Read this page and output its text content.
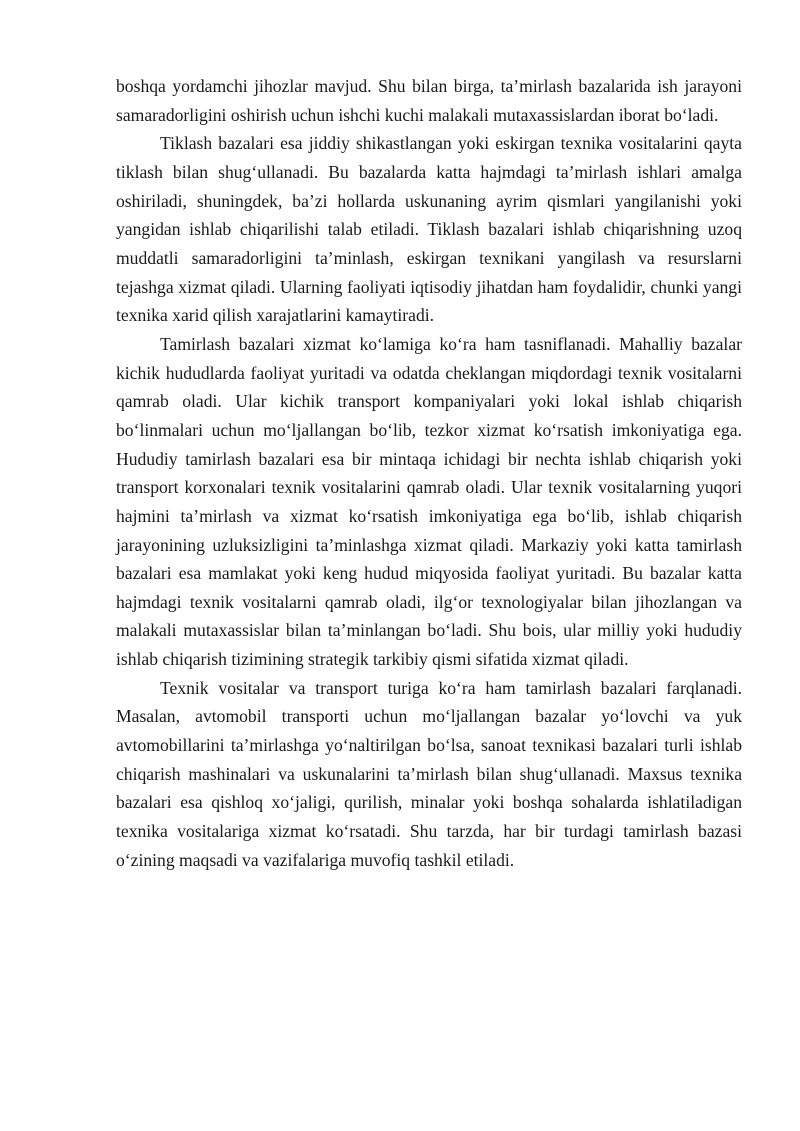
boshqa yordamchi jihozlar mavjud. Shu bilan birga, ta’mirlash bazalarida ish jarayoni samaradorligini oshirish uchun ishchi kuchi malakali mutaxassislardan iborat bo‘ladi.

Tiklash bazalari esa jiddiy shikastlangan yoki eskirgan texnika vositalarini qayta tiklash bilan shug‘ullanadi. Bu bazalarda katta hajmdagi ta’mirlash ishlari amalga oshiriladi, shuningdek, ba’zi hollarda uskunaning ayrim qismlari yangilanishi yoki yangidan ishlab chiqarilishi talab etiladi. Tiklash bazalari ishlab chiqarishning uzoq muddatli samaradorligini ta’minlash, eskirgan texnikani yangilash va resurslarni tejashga xizmat qiladi. Ularning faoliyati iqtisodiy jihatdan ham foydalidir, chunki yangi texnika xarid qilish xarajatlarini kamaytiradi.

Tamirlash bazalari xizmat ko‘lamiga ko‘ra ham tasniflanadi. Mahalliy bazalar kichik hududlarda faoliyat yuritadi va odatda cheklangan miqdordagi texnik vositalarni qamrab oladi. Ular kichik transport kompaniyalari yoki lokal ishlab chiqarish bo‘linmalari uchun mo‘ljallangan bo‘lib, tezkor xizmat ko‘rsatish imkoniyatiga ega. Hududiy tamirlash bazalari esa bir mintaqa ichidagi bir nechta ishlab chiqarish yoki transport korxonalari texnik vositalarini qamrab oladi. Ular texnik vositalarning yuqori hajmini ta’mirlash va xizmat ko‘rsatish imkoniyatiga ega bo‘lib, ishlab chiqarish jarayonining uzluksizligini ta’minlashga xizmat qiladi. Markaziy yoki katta tamirlash bazalari esa mamlakat yoki keng hudud miqyosida faoliyat yuritadi. Bu bazalar katta hajmdagi texnik vositalarni qamrab oladi, ilg‘or texnologiyalar bilan jihozlangan va malakali mutaxassislar bilan ta’minlangan bo‘ladi. Shu bois, ular milliy yoki hududiy ishlab chiqarish tizimining strategik tarkibiy qismi sifatida xizmat qiladi.

Texnik vositalar va transport turiga ko‘ra ham tamirlash bazalari farqlanadi. Masalan, avtomobil transporti uchun mo‘ljallangan bazalar yo‘lovchi va yuk avtomobillarini ta’mirlashga yo‘naltirilgan bo‘lsa, sanoat texnikasi bazalari turli ishlab chiqarish mashinalari va uskunalarini ta’mirlash bilan shug‘ullanadi. Maxsus texnika bazalari esa qishloq xo‘jaligi, qurilish, minalar yoki boshqa sohalarda ishlatiladigan texnika vositalariga xizmat ko‘rsatadi. Shu tarzda, har bir turdagi tamirlash bazasi o‘zining maqsadi va vazifalariga muvofiq tashkil etiladi.
